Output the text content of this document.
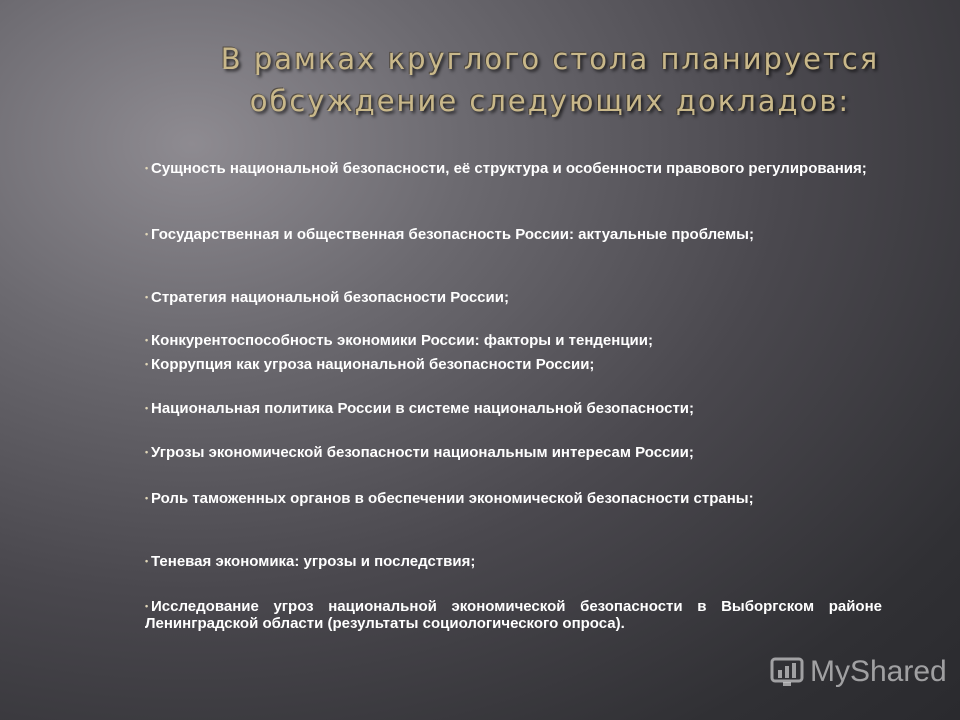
В рамках круглого стола планируется
обсуждение следующих докладов:
• Сущность национальной безопасности, её структура и особенности правового регулирования;
• Государственная и общественная безопасность России: актуальные проблемы;
• Стратегия национальной безопасности России;
• Конкурентоспособность экономики России: факторы и тенденции;
• Коррупция как угроза национальной безопасности России;
• Национальная политика России в системе национальной безопасности;
• Угрозы экономической безопасности национальным интересам России;
• Роль таможенных органов в обеспечении экономической безопасности страны;
• Теневая экономика: угрозы и последствия;
• Исследование угроз национальной экономической безопасности в Выборгском районе Ленинградской области (результаты социологического опроса).
MyShared
